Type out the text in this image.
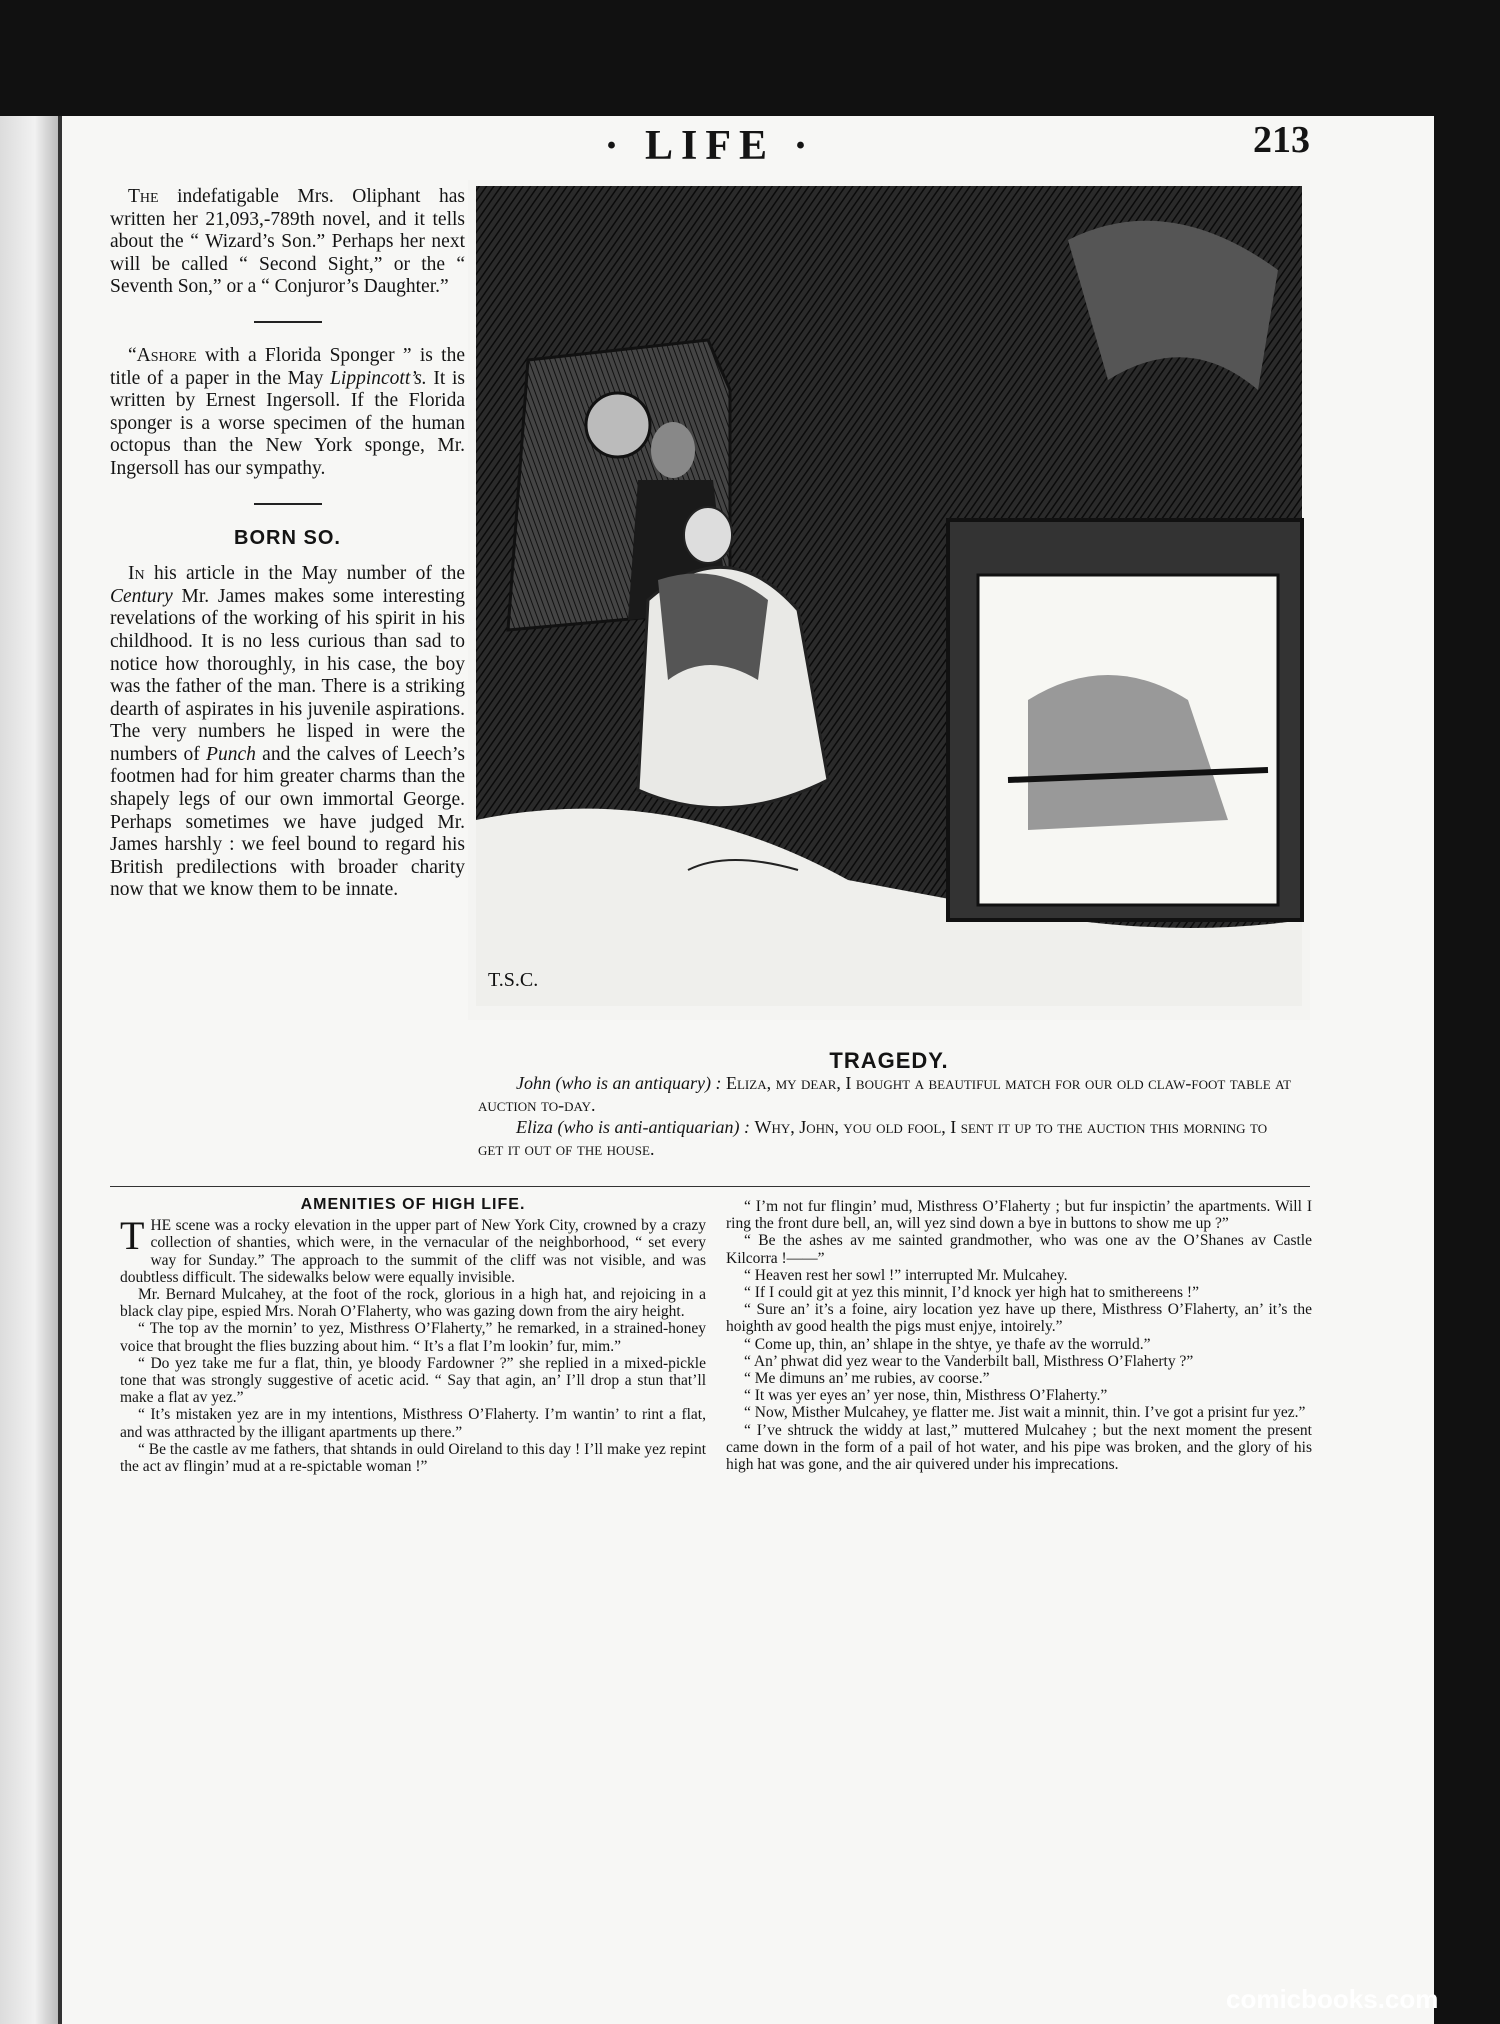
· LIFE ·	213

The indefatigable Mrs. Oliphant has written her 21,093,-789th novel, and it tells about the “ Wizard’s Son.” Perhaps her next will be called “ Second Sight,” or the “ Seventh Son,” or a “ Conjuror’s Daughter.”

“Ashore with a Florida Sponger ” is the title of a paper in the May Lippincott’s. It is written by Ernest Ingersoll. If the Florida sponger is a worse specimen of the human octopus than the New York sponge, Mr. Ingersoll has our sympathy.

BORN SO.

In his article in the May number of the Century Mr. James makes some interesting revelations of the working of his spirit in his childhood. It is no less curious than sad to notice how thoroughly, in his case, the boy was the father of the man. There is a striking dearth of aspirates in his juvenile aspirations. The very numbers he lisped in were the numbers of Punch and the calves of Leech’s footmen had for him greater charms than the shapely legs of our own immortal George. Perhaps sometimes we have judged Mr. James harshly : we feel bound to regard his British predilections with broader charity now that we know them to be innate.

T.S.C.
TRAGEDY.

John (who is an antiquary) : Eliza, my dear, I bought a beautiful match for our old claw-foot table at auction to-day.

Eliza (who is anti-antiquarian) : Why, John, you old fool, I sent it up to the auction this morning to get it out of the house.

AMENITIES OF HIGH LIFE.

THE scene was a rocky elevation in the upper part of New York City, crowned by a crazy collection of shanties, which were, in the vernacular of the neighborhood, “ set every way for Sunday.” The approach to the summit of the cliff was not visible, and was doubtless difficult. The sidewalks below were equally invisible.

Mr. Bernard Mulcahey, at the foot of the rock, glorious in a high hat, and rejoicing in a black clay pipe, espied Mrs. Norah O’Flaherty, who was gazing down from the airy height.

“ The top av the mornin’ to yez, Misthress O’Flaherty,” he remarked, in a strained-honey voice that brought the flies buzzing about him. “ It’s a flat I’m lookin’ fur, mim.”

“ Do yez take me fur a flat, thin, ye bloody Fardowner ?” she replied in a mixed-pickle tone that was strongly suggestive of acetic acid. “ Say that agin, an’ I’ll drop a stun that’ll make a flat av yez.”

“ It’s mistaken yez are in my intentions, Misthress O’Flaherty. I’m wantin’ to rint a flat, and was atthracted by the illigant apartments up there.”

“ Be the castle av me fathers, that shtands in ould Oireland to this day ! I’ll make yez repint the act av flingin’ mud at a re-spictable woman !”

“ I’m not fur flingin’ mud, Misthress O’Flaherty ; but fur inspictin’ the apartments. Will I ring the front dure bell, an, will yez sind down a bye in buttons to show me up ?”

“ Be the ashes av me sainted grandmother, who was one av the O’Shanes av Castle Kilcorra !——”

“ Heaven rest her sowl !” interrupted Mr. Mulcahey.

“ If I could git at yez this minnit, I’d knock yer high hat to smithereens !”

“ Sure an’ it’s a foine, airy location yez have up there, Misthress O’Flaherty, an’ it’s the hoighth av good health the pigs must enjye, intoirely.”

“ Come up, thin, an’ shlape in the shtye, ye thafe av the worruld.”

“ An’ phwat did yez wear to the Vanderbilt ball, Misthress O’Flaherty ?”

“ Me dimuns an’ me rubies, av coorse.”

“ It was yer eyes an’ yer nose, thin, Misthress O’Flaherty.”

“ Now, Misther Mulcahey, ye flatter me. Jist wait a minnit, thin. I’ve got a prisint fur yez.”

“ I’ve shtruck the widdy at last,” muttered Mulcahey ; but the next moment the present came down in the form of a pail of hot water, and his pipe was broken, and the glory of his high hat was gone, and the air quivered under his imprecations.

comicbooks.com
